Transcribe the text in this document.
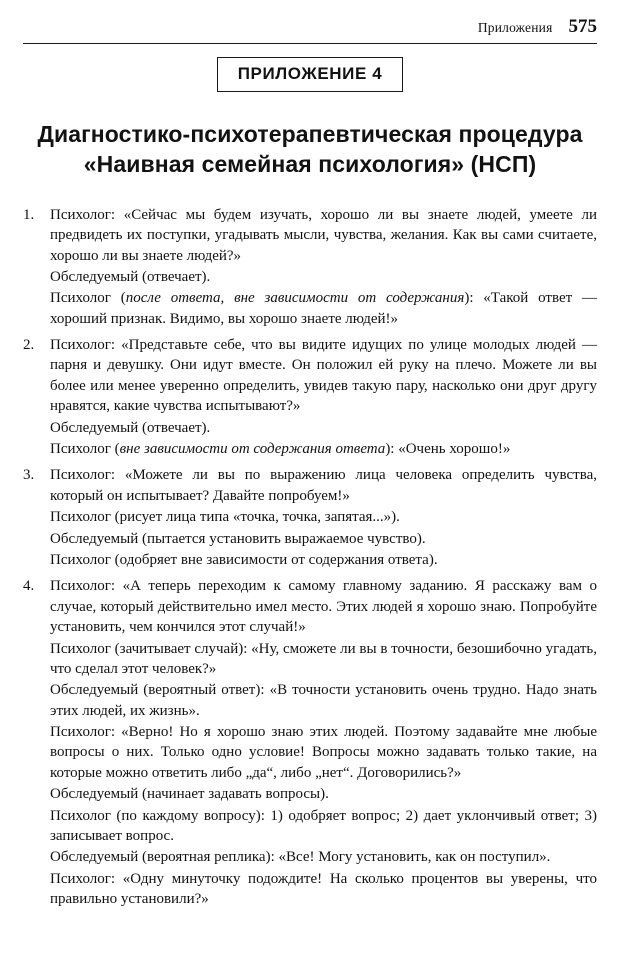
Приложения 575
ПРИЛОЖЕНИЕ 4
Диагностико-психотерапевтическая процедура «Наивная семейная психология» (НСП)
1.	Психолог: «Сейчас мы будем изучать, хорошо ли вы знаете людей, умеете ли предвидеть их поступки, угадывать мысли, чувства, желания. Как вы сами считаете, хорошо ли вы знаете людей?»

Обследуемый (отвечает).

Психолог (после ответа, вне зависимости от содержания): «Такой ответ — хороший признак. Видимо, вы хорошо знаете людей!»

2.	Психолог: «Представьте себе, что вы видите идущих по улице молодых людей — парня и девушку. Они идут вместе. Он положил ей руку на плечо. Можете ли вы более или менее уверенно определить, увидев такую пару, насколько они друг другу нравятся, какие чувства испытывают?»

Обследуемый (отвечает).

Психолог (вне зависимости от содержания ответа): «Очень хорошо!»

3.	Психолог: «Можете ли вы по выражению лица человека определить чувства, который он испытывает? Давайте попробуем!»

Психолог (рисует лица типа «точка, точка, запятая...»).

Обследуемый (пытается установить выражаемое чувство).

Психолог (одобряет вне зависимости от содержания ответа).

4.	Психолог: «А теперь переходим к самому главному заданию. Я расскажу вам о случае, который действительно имел место. Этих людей я хорошо знаю. Попробуйте установить, чем кончился этот случай!»

Психолог (зачитывает случай): «Ну, сможете ли вы в точности, безошибочно угадать, что сделал этот человек?»

Обследуемый (вероятный ответ): «В точности установить очень трудно. Надо знать этих людей, их жизнь».

Психолог: «Верно! Но я хорошо знаю этих людей. Поэтому задавайте мне любые вопросы о них. Только одно условие! Вопросы можно задавать только такие, на которые можно ответить либо „да“, либо „нет“. Договорились?»

Обследуемый (начинает задавать вопросы).

Психолог (по каждому вопросу): 1) одобряет вопрос; 2) дает уклончивый ответ; 3) записывает вопрос.

Обследуемый (вероятная реплика): «Все! Могу установить, как он поступил».

Психолог: «Одну минуточку подождите! На сколько процентов вы уверены, что правильно установили?»
